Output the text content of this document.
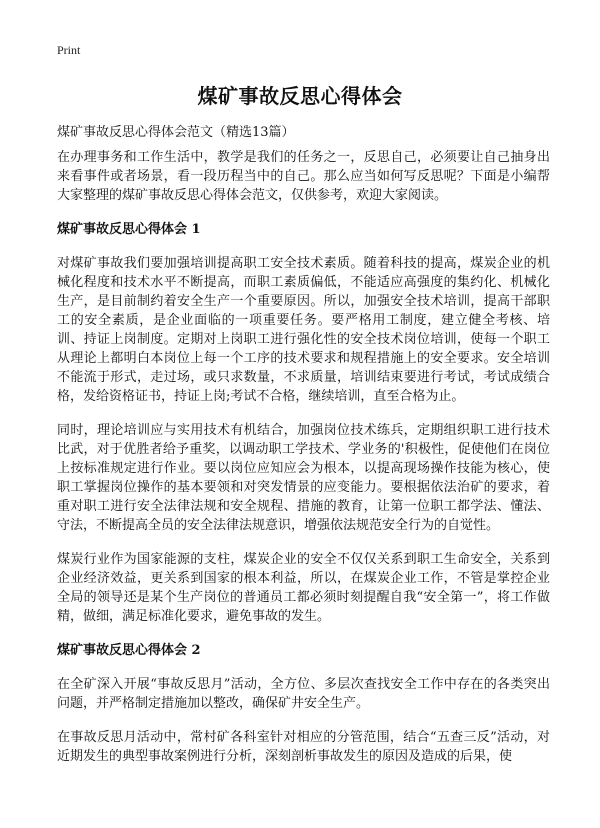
Print
煤矿事故反思心得体会
煤矿事故反思心得体会范文（精选13篇）

在办理事务和工作生活中，教学是我们的任务之一，反思自己，必须要让自己抽身出来看事件或者场景，看一段历程当中的自己。那么应当如何写反思呢？下面是小编帮大家整理的煤矿事故反思心得体会范文，仅供参考，欢迎大家阅读。

煤矿事故反思心得体会 1

对煤矿事故我们要加强培训提高职工安全技术素质。随着科技的提高，煤炭企业的机械化程度和技术水平不断提高，而职工素质偏低，不能适应高强度的集约化、机械化生产，是目前制约着安全生产一个重要原因。所以，加强安全技术培训，提高干部职工的安全素质，是企业面临的一项重要任务。要严格用工制度，建立健全考核、培训、持证上岗制度。定期对上岗职工进行强化性的安全技术岗位培训，使每一个职工从理论上都明白本岗位上每一个工序的技术要求和规程措施上的安全要求。安全培训不能流于形式，走过场，或只求数量，不求质量，培训结束要进行考试，考试成绩合格，发给资格证书，持证上岗;考试不合格，继续培训，直至合格为止。

同时，理论培训应与实用技术有机结合，加强岗位技术练兵，定期组织职工进行技术比武，对于优胜者给予重奖，以调动职工学技术、学业务的'积极性，促使他们在岗位上按标准规定进行作业。要以岗位应知应会为根本，以提高现场操作技能为核心，使职工掌握岗位操作的基本要领和对突发情景的应变能力。要根据依法治矿的要求，着重对职工进行安全法律法规和安全规程、措施的教育，让第一位职工都学法、懂法、守法，不断提高全员的安全法律法规意识，增强依法规范安全行为的自觉性。

煤炭行业作为国家能源的支柱，煤炭企业的安全不仅仅关系到职工生命安全，关系到企业经济效益，更关系到国家的根本利益，所以，在煤炭企业工作，不管是掌控企业全局的领导还是某个生产岗位的普通员工都必须时刻提醒自我“安全第一”，将工作做精，做细，满足标准化要求，避免事故的发生。

煤矿事故反思心得体会 2

在全矿深入开展“事故反思月”活动，全方位、多层次查找安全工作中存在的各类突出问题，并严格制定措施加以整改，确保矿井安全生产。

在事故反思月活动中，常村矿各科室针对相应的分管范围，结合“五查三反”活动，对近期发生的典型事故案例进行分析，深刻剖析事故发生的原因及造成的后果，使
